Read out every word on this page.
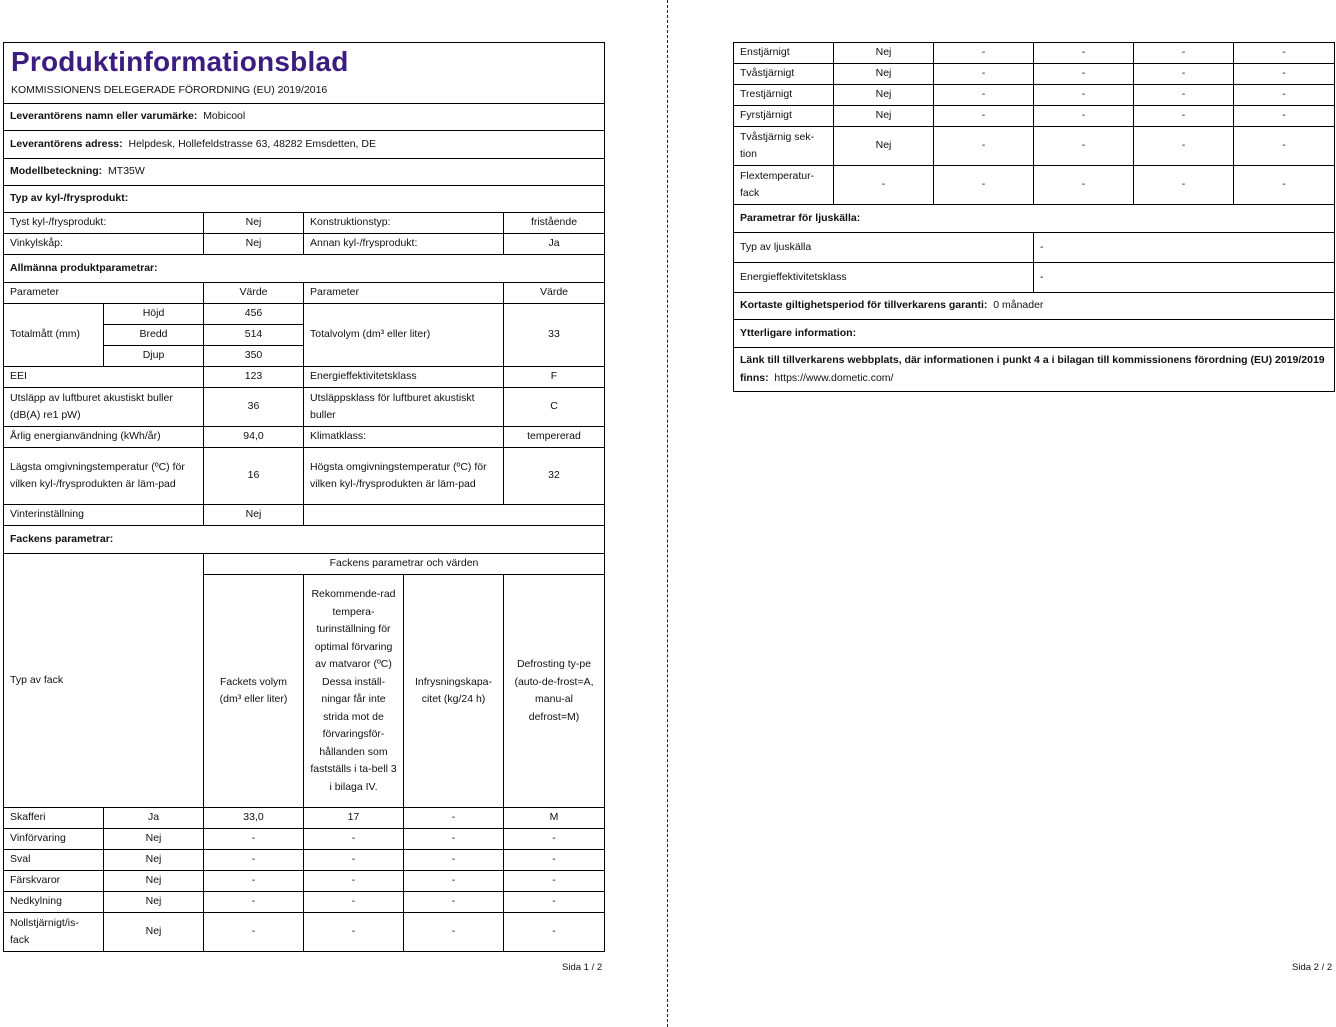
Produktinformationsblad
KOMMISSIONENS DELEGERADE FÖRORDNING (EU) 2019/2016					

Leverantörens namn eller varumärke: Mobicool					
Leverantörens adress: Helpdesk, Hollefeldstrasse 63, 48282 Emsdetten, DE					
Modellbeteckning: MT35W					
Typ av kyl-/frysprodukt:					
Tyst kyl-/frysprodukt:		Nej	Konstruktionstyp:		fristående
Vinkylskåp:		Nej	Annan kyl-/frysprodukt:		Ja
Allmänna produktparametrar:					
Parameter		Värde	Parameter		Värde
Totalmått (mm)	Höjd	456	Totalvolym (dm³ eller liter)		33
	Bredd	514			
	Djup	350			
EEI		123	Energieffektivitetsklass		F
Utsläpp av luftburet akustiskt buller (dB(A) re1 pW)		36	Utsläppsklass för luftburet akustiskt buller		C
Årlig energianvändning (kWh/år)		94,0	Klimatklass:		tempererad
Lägsta omgivningstemperatur (ºC) för vilken kyl-/frysprodukten är läm-pad		16	Högsta omgivningstemperatur (ºC) för vilken kyl-/frysprodukten är läm-pad		32
Vinterinställning		Nej			
Fackens parametrar:					
Typ av fack		Fackens parametrar och värden			
		Fackets volym (dm³ eller liter)	Rekommende-rad tempera-turinställning för optimal förvaring av matvaror (ºC) Dessa inställ-ningar får inte strida mot de förvaringsför-hållanden som fastställs i ta-bell 3 i bilaga IV.	Infrysningskapa-citet (kg/24 h)	Defrosting ty-pe (auto-de-frost=A, manu-al defrost=M)
Skafferi	Ja	33,0	17	-	M
Vinförvaring	Nej	-	-	-	-
Sval	Nej	-	-	-	-
Färskvaror	Nej	-	-	-	-
Nedkylning	Nej	-	-	-	-
Nollstjärnigt/is-fack	Nej	-	-	-	-
Sida 1 / 2
Enstjärnigt	Nej	-	-	-	-
Tvåstjärnigt	Nej	-	-	-	-
Trestjärnigt	Nej	-	-	-	-
Fyrstjärnigt	Nej	-	-	-	-
Tvåstjärnig sek-tion	Nej	-	-	-	-
Flextemperatur-fack	-	-	-	-	-
Parametrar för ljuskälla:					
Typ av ljuskälla			-		
Energieffektivitetsklass			-		
Kortaste giltighetsperiod för tillverkarens garanti: 0 månader					
Ytterligare information:					
Länk till tillverkarens webbplats, där informationen i punkt 4 a i bilagan till kommissionens förordning (EU) 2019/2019 finns: https://www.dometic.com/					
Sida 2 / 2
